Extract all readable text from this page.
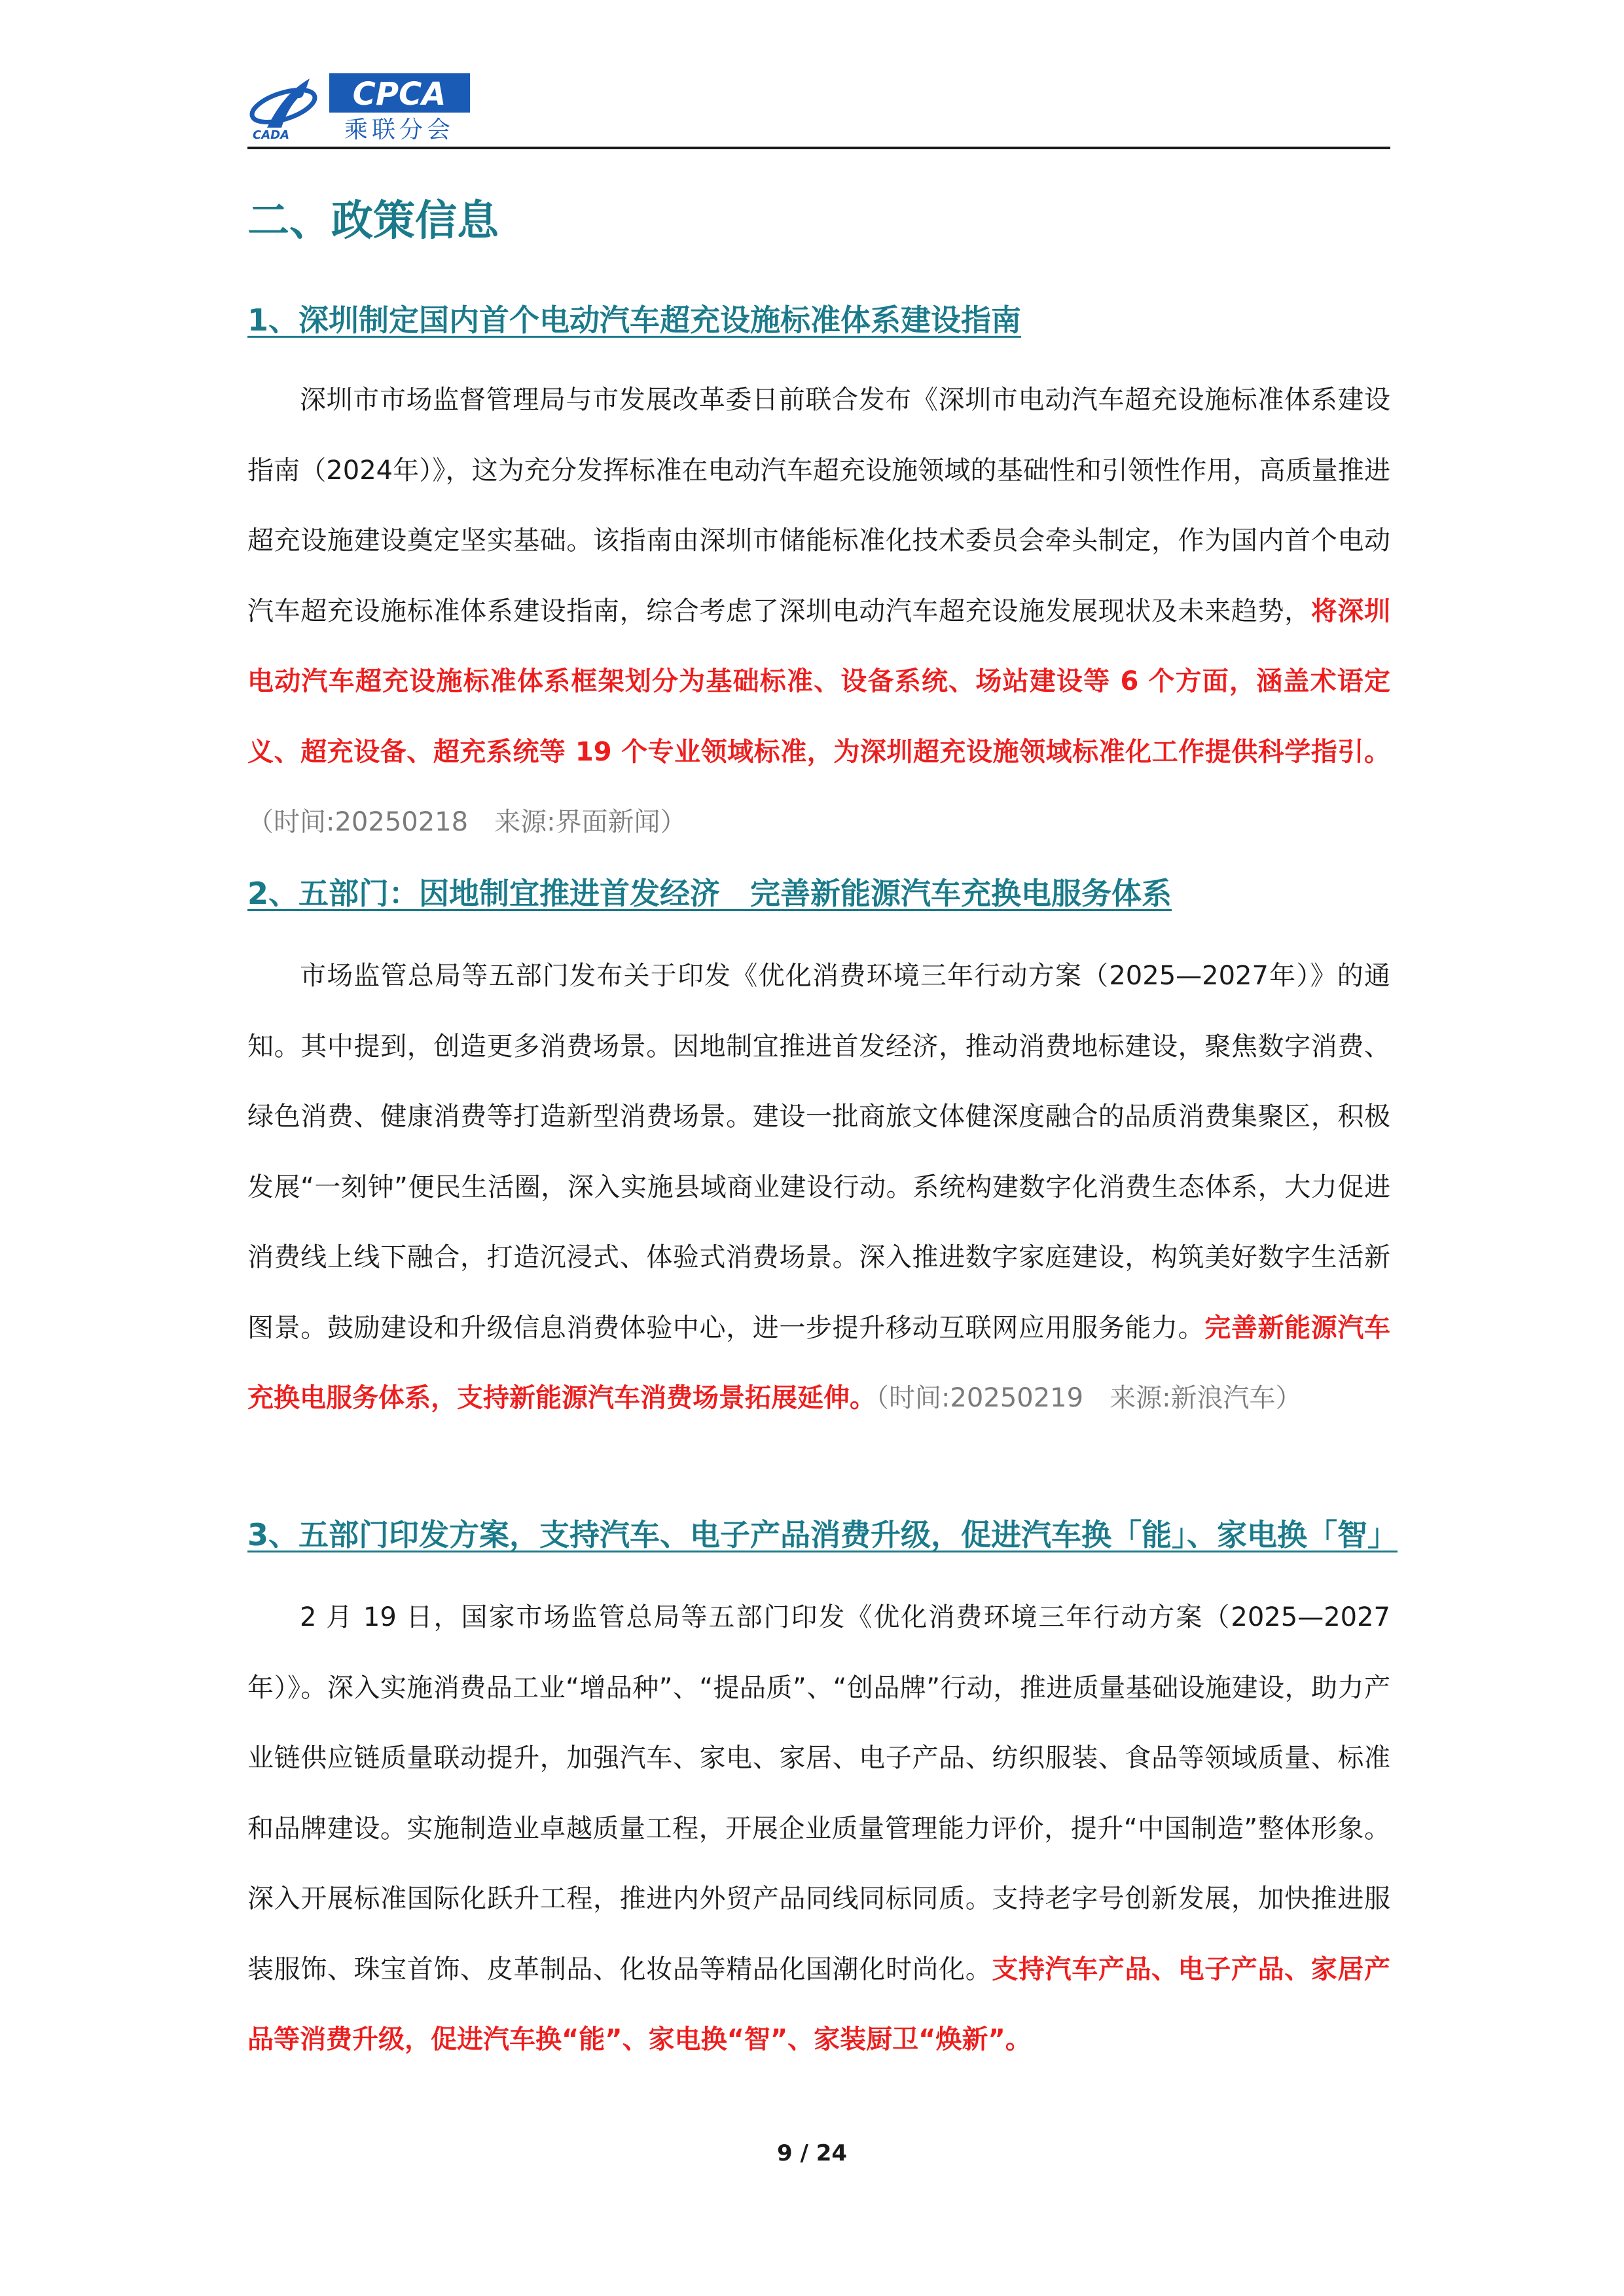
CADA
CPCA
乘联分会
二、政策信息
1、深圳制定国内首个电动汽车超充设施标准体系建设指南

深圳市市场监督管理局与市发展改革委日前联合发布《深圳市电动汽车超充设施标准体系建设指南（2024年）》，这为充分发挥标准在电动汽车超充设施领域的基础性和引领性作用，高质量推进超充设施建设奠定坚实基础。该指南由深圳市储能标准化技术委员会牵头制定，作为国内首个电动汽车超充设施标准体系建设指南，综合考虑了深圳电动汽车超充设施发展现状及未来趋势，将深圳电动汽车超充设施标准体系框架划分为基础标准、设备系统、场站建设等 6 个方面，涵盖术语定义、超充设备、超充系统等 19 个专业领域标准，为深圳超充设施领域标准化工作提供科学指引。（时间:20250218　来源:界面新闻）

2、五部门：因地制宜推进首发经济　完善新能源汽车充换电服务体系

市场监管总局等五部门发布关于印发《优化消费环境三年行动方案（2025—2027年）》的通知。其中提到，创造更多消费场景。因地制宜推进首发经济，推动消费地标建设，聚焦数字消费、绿色消费、健康消费等打造新型消费场景。建设一批商旅文体健深度融合的品质消费集聚区，积极发展“一刻钟”便民生活圈，深入实施县域商业建设行动。系统构建数字化消费生态体系，大力促进消费线上线下融合，打造沉浸式、体验式消费场景。深入推进数字家庭建设，构筑美好数字生活新图景。鼓励建设和升级信息消费体验中心，进一步提升移动互联网应用服务能力。完善新能源汽车充换电服务体系，支持新能源汽车消费场景拓展延伸。（时间:20250219　来源:新浪汽车）

3、五部门印发方案，支持汽车、电子产品消费升级，促进汽车换「能」、家电换「智」

2 月 19 日，国家市场监管总局等五部门印发《优化消费环境三年行动方案（2025—2027年）》。深入实施消费品工业“增品种”、“提品质”、“创品牌”行动，推进质量基础设施建设，助力产业链供应链质量联动提升，加强汽车、家电、家居、电子产品、纺织服装、食品等领域质量、标准和品牌建设。实施制造业卓越质量工程，开展企业质量管理能力评价，提升“中国制造”整体形象。深入开展标准国际化跃升工程，推进内外贸产品同线同标同质。支持老字号创新发展，加快推进服装服饰、珠宝首饰、皮革制品、化妆品等精品化国潮化时尚化。支持汽车产品、电子产品、家居产品等消费升级，促进汽车换“能”、家电换“智”、家装厨卫“焕新”。

9 / 24
